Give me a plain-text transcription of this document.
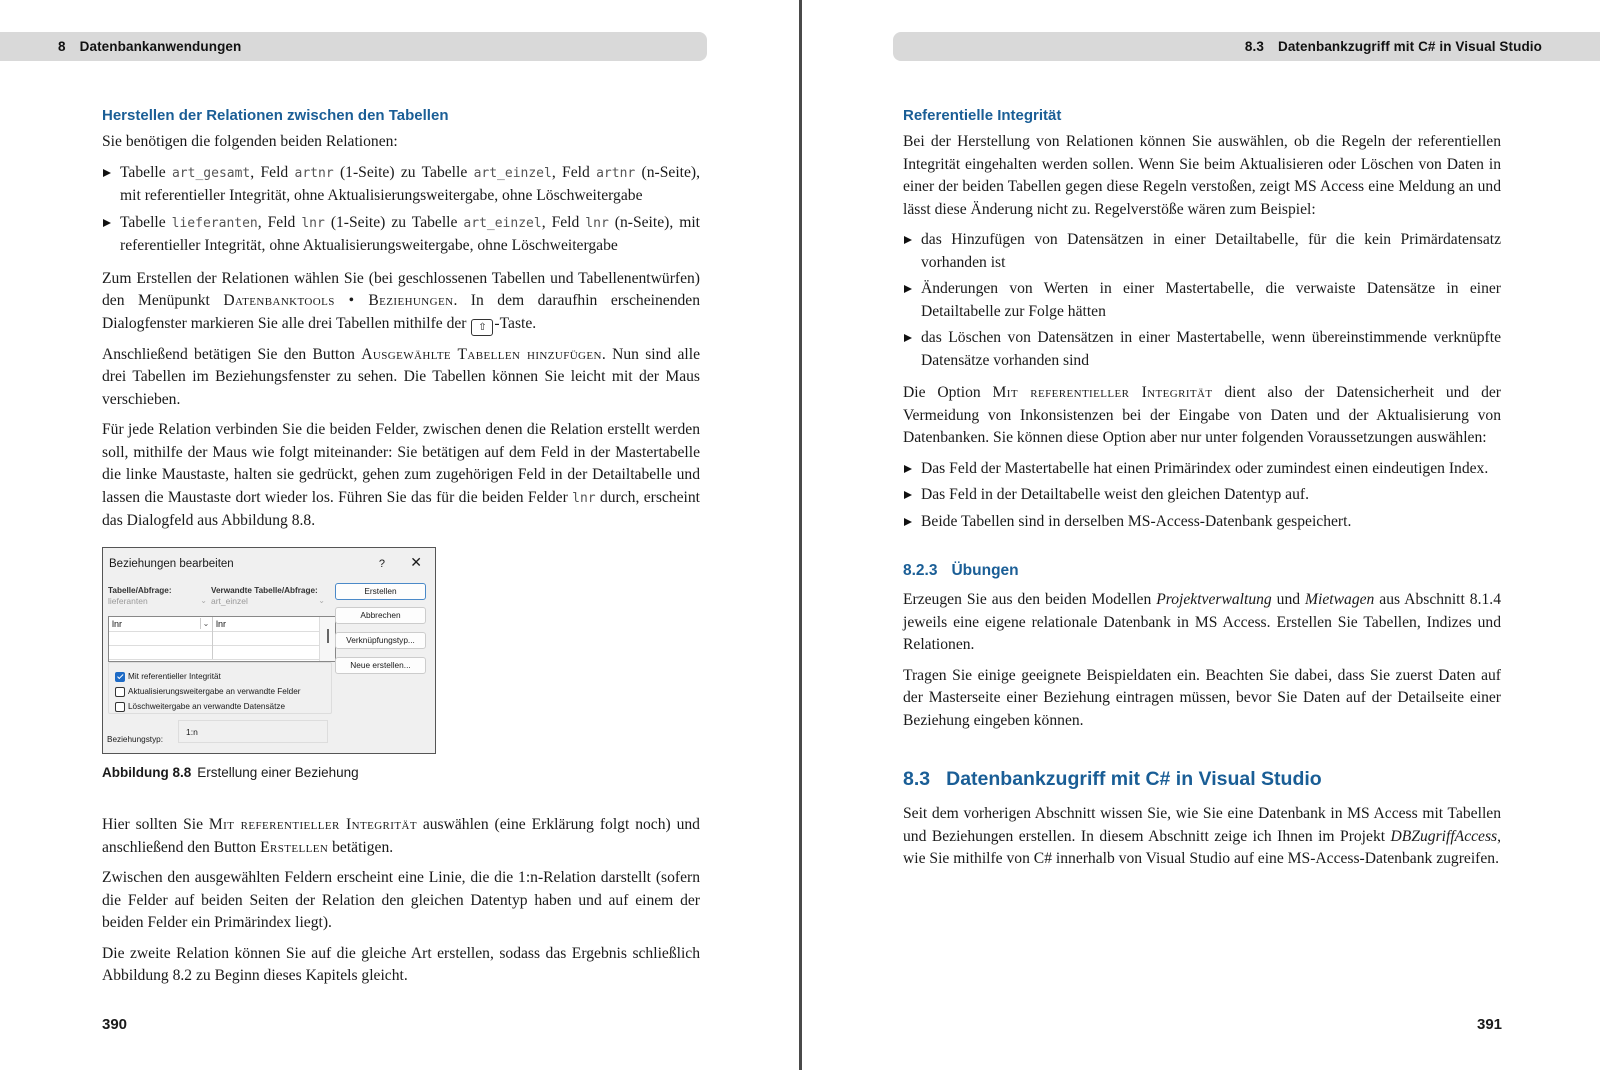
8 Datenbankanwendungen	8.3 Datenbankzugriff mit C# in Visual Studio
Herstellen der Relationen zwischen den Tabellen

Sie benötigen die folgenden beiden Relationen:

Tabelle art_gesamt, Feld artnr (1-Seite) zu Tabelle art_einzel, Feld artnr (n-Seite), mit referentieller Integrität, ohne Aktualisierungsweitergabe, ohne Löschweitergabe
Tabelle lieferanten, Feld lnr (1-Seite) zu Tabelle art_einzel, Feld lnr (n-Seite), mit referentieller Integrität, ohne Aktualisierungsweitergabe, ohne Löschweitergabe

Zum Erstellen der Relationen wählen Sie (bei geschlossenen Tabellen und Tabellenentwürfen) den Menüpunkt Datenbanktools • Beziehungen. In dem daraufhin erscheinenden Dialogfenster markieren Sie alle drei Tabellen mithilfe der ⇧ -Taste.

Anschließend betätigen Sie den Button Ausgewählte Tabellen hinzufügen. Nun sind alle drei Tabellen im Beziehungsfenster zu sehen. Die Tabellen können Sie leicht mit der Maus verschieben.

Für jede Relation verbinden Sie die beiden Felder, zwischen denen die Relation erstellt werden soll, mithilfe der Maus wie folgt miteinander: Sie betätigen auf dem Feld in der Mastertabelle die linke Maustaste, halten sie gedrückt, gehen zum zugehörigen Feld in der Detailtabelle und lassen die Maustaste dort wieder los. Führen Sie das für die beiden Felder lnr durch, erscheint das Dialogfeld aus Abbildung 8.8.

Beziehungen bearbeiten	? ✕
Tabelle/Abfrage:	Verwandte Tabelle/Abfrage:
lieferanten	⌄ art_einzel	⌄
lnr	⌄ lnr
Mit referentieller Integrität
Aktualisierungsweitergabe an verwandte Felder
Löschweitergabe an verwandte Datensätze
Erstellen
Abbrechen
Verknüpfungstyp...
Neue erstellen...
Beziehungstyp:
1:n
Abbildung 8.8 Erstellung einer Beziehung

Hier sollten Sie Mit referentieller Integrität auswählen (eine Erklärung folgt noch) und anschließend den Button Erstellen betätigen.

Zwischen den ausgewählten Feldern erscheint eine Linie, die die 1:n-Relation darstellt (sofern die Felder auf beiden Seiten der Relation den gleichen Datentyp haben und auf einem der beiden Felder ein Primärindex liegt).

Die zweite Relation können Sie auf die gleiche Art erstellen, sodass das Ergebnis schließlich Abbildung 8.2 zu Beginn dieses Kapitels gleicht.

390
Referentielle Integrität

Bei der Herstellung von Relationen können Sie auswählen, ob die Regeln der referentiellen Integrität eingehalten werden sollen. Wenn Sie beim Aktualisieren oder Löschen von Daten in einer der beiden Tabellen gegen diese Regeln verstoßen, zeigt MS Access eine Meldung an und lässt diese Änderung nicht zu. Regelverstöße wären zum Beispiel:

das Hinzufügen von Datensätzen in einer Detailtabelle, für die kein Primärdatensatz vorhanden ist
Änderungen von Werten in einer Mastertabelle, die verwaiste Datensätze in einer Detailtabelle zur Folge hätten
das Löschen von Datensätzen in einer Mastertabelle, wenn übereinstimmende verknüpfte Datensätze vorhanden sind

Die Option Mit referentieller Integrität dient also der Datensicherheit und der Vermeidung von Inkonsistenzen bei der Eingabe von Daten und der Aktualisierung von Datenbanken. Sie können diese Option aber nur unter folgenden Voraussetzungen auswählen:

Das Feld der Mastertabelle hat einen Primärindex oder zumindest einen eindeutigen Index.
Das Feld in der Detailtabelle weist den gleichen Datentyp auf.
Beide Tabellen sind in derselben MS-Access-Datenbank gespeichert.
8.2.3 Übungen

Erzeugen Sie aus den beiden Modellen Projektverwaltung und Mietwagen aus Abschnitt 8.1.4 jeweils eine eigene relationale Datenbank in MS Access. Erstellen Sie Tabellen, Indizes und Relationen.

Tragen Sie einige geeignete Beispieldaten ein. Beachten Sie dabei, dass Sie zuerst Daten auf der Masterseite einer Beziehung eintragen müssen, bevor Sie Daten auf der Detailseite einer Beziehung eingeben können.

8.3 Datenbankzugriff mit C# in Visual Studio

Seit dem vorherigen Abschnitt wissen Sie, wie Sie eine Datenbank in MS Access mit Tabellen und Beziehungen erstellen. In diesem Abschnitt zeige ich Ihnen im Projekt DBZugriffAccess, wie Sie mithilfe von C# innerhalb von Visual Studio auf eine MS-Access-Datenbank zugreifen.

391
